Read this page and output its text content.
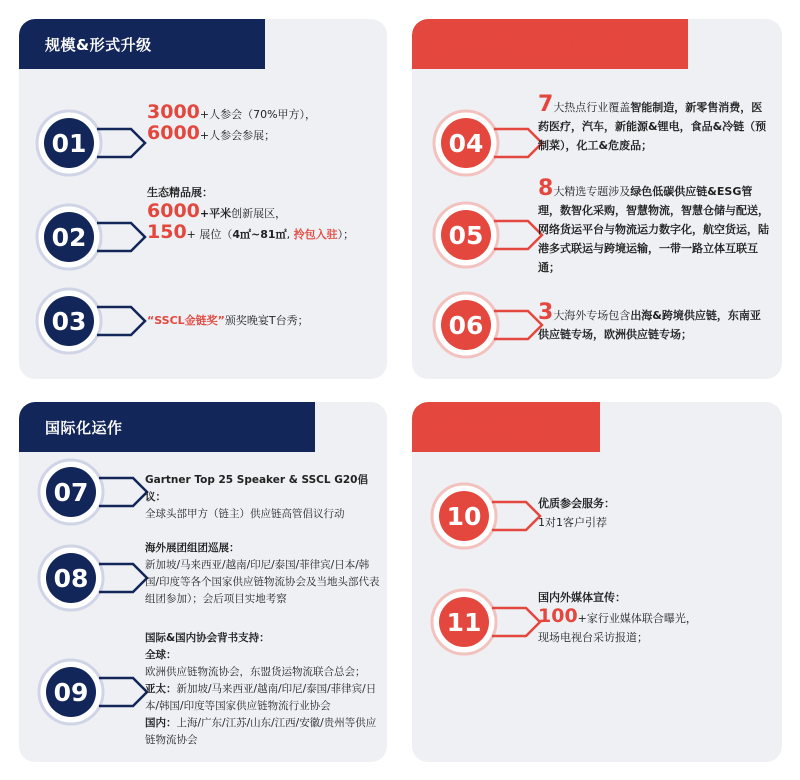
规模&形式升级
01
3000+人参会（70%甲方），
6000+人参会参展；
02
生态精品展：
6000+平米创新展区，
150+ 展位（4㎡~81㎡, 拎包入驻）；
03	“SSCL金链奖”颁奖晚宴T台秀；
SSCL 3千人峰会热点升级
04
7大热点行业覆盖智能制造，新零售消费，医药医疗，汽车，新能源&锂电，食品&冷链（预制菜），化工&危废品；
05
8大精选专题涉及绿色低碳供应链&ESG管理，数智化采购，智慧物流，智慧仓储与配送，网络货运平台与物流运力数字化，航空货运，陆港多式联运与跨境运输，一带一路立体互联互通；
06	3大海外专场包含出海&跨境供应链，东南亚供应链专场，欧洲供应链专场；
国际化运作
07	Gartner Top 25 Speaker & SSCL G20倡议：
全球头部甲方（链主）供应链高管倡议行动
08
海外展团组团巡展：
新加坡/马来西亚/越南/印尼/泰国/菲律宾/日本/韩国/印度等各个国家供应链物流协会及当地头部代表组团参加）；会后项目实地考察
09
国际&国内协会背书支持：
全球：
欧洲供应链物流协会，东盟货运物流联合总会；
亚太：新加坡/马来西亚/越南/印尼/泰国/菲律宾/日本/韩国/印度等国家供应链物流行业协会
国内：上海/广东/江苏/山东/江西/安徽/贵州等供应链物流协会
个性化定制服务
10	优质参会服务：
1对1客户引荐
11
国内外媒体宣传：
100+家行业媒体联合曝光，
现场电视台采访报道；
